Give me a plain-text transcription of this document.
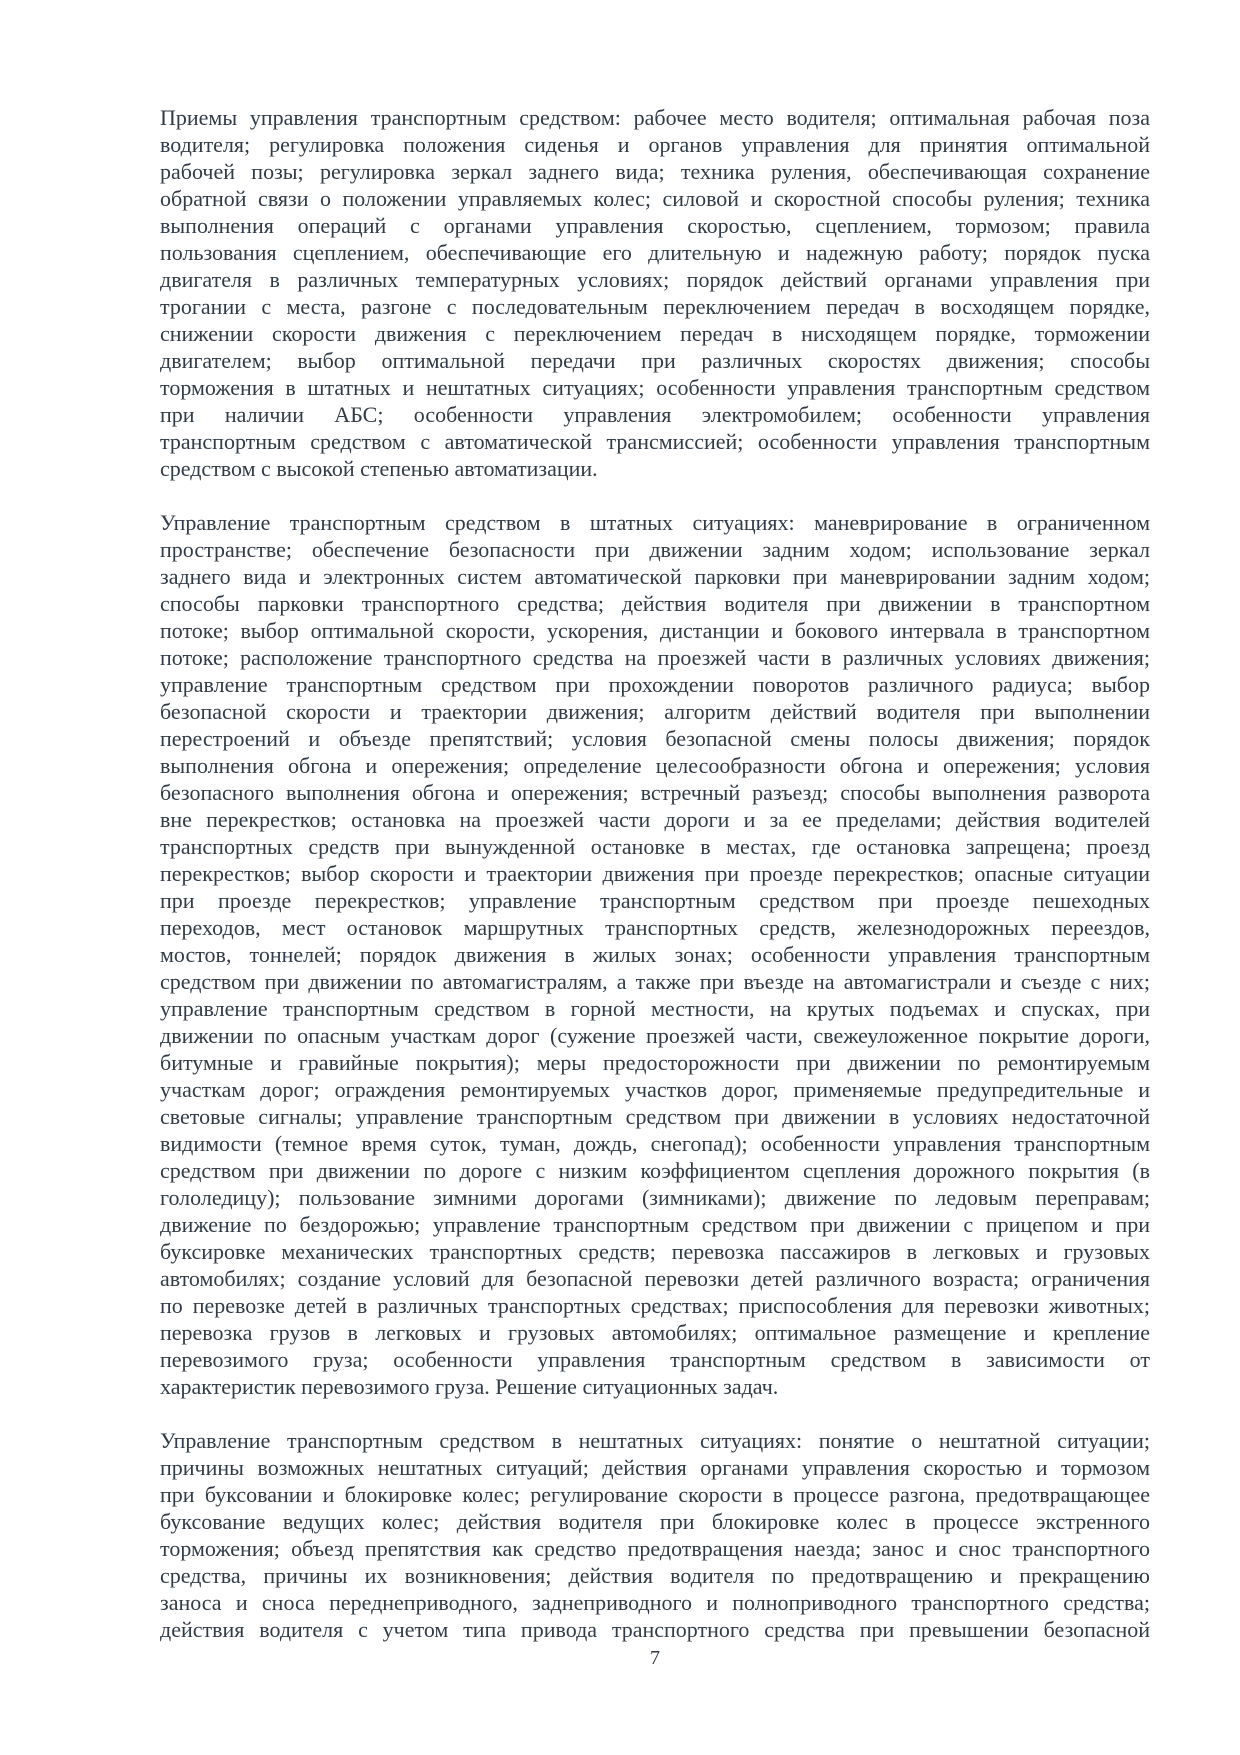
Приемы управления транспортным средством: рабочее место водителя; оптимальная рабочая поза
водителя; регулировка положения сиденья и органов управления для принятия оптимальной
рабочей позы; регулировка зеркал заднего вида; техника руления, обеспечивающая сохранение
обратной связи о положении управляемых колес; силовой и скоростной способы руления; техника
выполнения операций с органами управления скоростью, сцеплением, тормозом; правила
пользования сцеплением, обеспечивающие его длительную и надежную работу; порядок пуска
двигателя в различных температурных условиях; порядок действий органами управления при
трогании с места, разгоне с последовательным переключением передач в восходящем порядке,
снижении скорости движения с переключением передач в нисходящем порядке, торможении
двигателем; выбор оптимальной передачи при различных скоростях движения; способы
торможения в штатных и нештатных ситуациях; особенности управления транспортным средством
при наличии АБС; особенности управления электромобилем; особенности управления
транспортным средством с автоматической трансмиссией; особенности управления транспортным
средством с высокой степенью автоматизации.
Управление транспортным средством в штатных ситуациях: маневрирование в ограниченном
пространстве; обеспечение безопасности при движении задним ходом; использование зеркал
заднего вида и электронных систем автоматической парковки при маневрировании задним ходом;
способы парковки транспортного средства; действия водителя при движении в транспортном
потоке; выбор оптимальной скорости, ускорения, дистанции и бокового интервала в транспортном
потоке; расположение транспортного средства на проезжей части в различных условиях движения;
управление транспортным средством при прохождении поворотов различного радиуса; выбор
безопасной скорости и траектории движения; алгоритм действий водителя при выполнении
перестроений и объезде препятствий; условия безопасной смены полосы движения; порядок
выполнения обгона и опережения; определение целесообразности обгона и опережения; условия
безопасного выполнения обгона и опережения; встречный разъезд; способы выполнения разворота
вне перекрестков; остановка на проезжей части дороги и за ее пределами; действия водителей
транспортных средств при вынужденной остановке в местах, где остановка запрещена; проезд
перекрестков; выбор скорости и траектории движения при проезде перекрестков; опасные ситуации
при проезде перекрестков; управление транспортным средством при проезде пешеходных
переходов, мест остановок маршрутных транспортных средств, железнодорожных переездов,
мостов, тоннелей; порядок движения в жилых зонах; особенности управления транспортным
средством при движении по автомагистралям, а также при въезде на автомагистрали и съезде с них;
управление транспортным средством в горной местности, на крутых подъемах и спусках, при
движении по опасным участкам дорог (сужение проезжей части, свежеуложенное покрытие дороги,
битумные и гравийные покрытия); меры предосторожности при движении по ремонтируемым
участкам дорог; ограждения ремонтируемых участков дорог, применяемые предупредительные и
световые сигналы; управление транспортным средством при движении в условиях недостаточной
видимости (темное время суток, туман, дождь, снегопад); особенности управления транспортным
средством при движении по дороге с низким коэффициентом сцепления дорожного покрытия (в
гололедицу); пользование зимними дорогами (зимниками); движение по ледовым переправам;
движение по бездорожью; управление транспортным средством при движении с прицепом и при
буксировке механических транспортных средств; перевозка пассажиров в легковых и грузовых
автомобилях; создание условий для безопасной перевозки детей различного возраста; ограничения
по перевозке детей в различных транспортных средствах; приспособления для перевозки животных;
перевозка грузов в легковых и грузовых автомобилях; оптимальное размещение и крепление
перевозимого груза; особенности управления транспортным средством в зависимости от
характеристик перевозимого груза. Решение ситуационных задач.
Управление транспортным средством в нештатных ситуациях: понятие о нештатной ситуации;
причины возможных нештатных ситуаций; действия органами управления скоростью и тормозом
при буксовании и блокировке колес; регулирование скорости в процессе разгона, предотвращающее
буксование ведущих колес; действия водителя при блокировке колес в процессе экстренного
торможения; объезд препятствия как средство предотвращения наезда; занос и снос транспортного
средства, причины их возникновения; действия водителя по предотвращению и прекращению
заноса и сноса переднеприводного, заднеприводного и полноприводного транспортного средства;
действия водителя с учетом типа привода транспортного средства при превышении безопасной
7
